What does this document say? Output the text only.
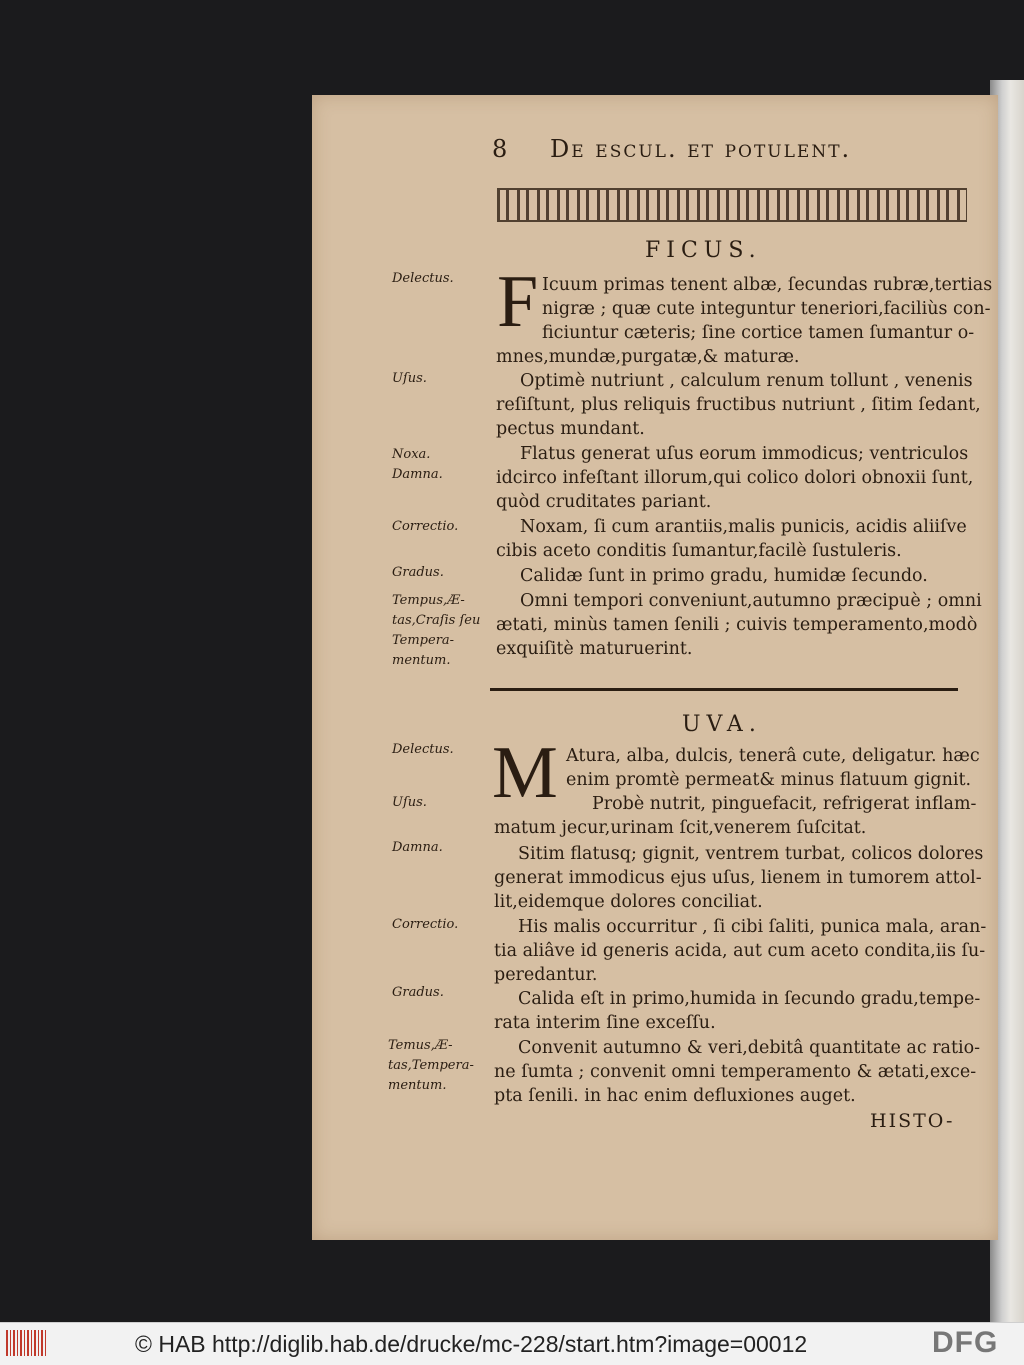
8 De escul. et potulent.
FICUS.
F Icuum primas tenent albæ, ſecundas rubræ,tertias
nigræ ; quæ cute integuntur teneriori,faciliùs con-
ficiuntur cæteris; ſine cortice tamen ſumantur o-
mnes,mundæ,purgatæ,& maturæ.
Optimè nutriunt , calculum renum tollunt , venenis
reſiſtunt, plus reliquis fructibus nutriunt , ſitim ſedant,
pectus mundant.
Flatus generat uſus eorum immodicus; ventriculos
idcirco infeſtant illorum,qui colico dolori obnoxii ſunt,
quòd cruditates pariant.
Noxam, ſi cum arantiis,malis punicis, acidis aliiſve
cibis aceto conditis ſumantur,facilè ſustuleris.
Calidæ ſunt in primo gradu, humidæ ſecundo.
Omni tempori conveniunt,autumno præcipuè ; omni
ætati, minùs tamen ſenili ; cuivis temperamento,modò
exquiſitè maturuerint.
Delectus.
Uſus.
Noxa.
Damna.
Correctio.
Gradus.
Tempus,Æ-
tas,Craſis ſeu
Tempera-
mentum.
UVA.
M Atura, alba, dulcis, tenerâ cute, deligatur. hæc
enim promtè permeat& minus flatuum gignit.
Probè nutrit, pinguefacit, refrigerat inflam-
matum jecur,urinam ſcit,venerem ſuſcitat.
Sitim flatusq; gignit, ventrem turbat, colicos dolores
generat immodicus ejus uſus, lienem in tumorem attol-
lit,eidemque dolores conciliat.
His malis occurritur , ſi cibi ſaliti, punica mala, aran-
tia aliâve id generis acida, aut cum aceto condita,iis ſu-
peredantur.
Calida eſt in primo,humida in ſecundo gradu,tempe-
rata interim ſine exceſſu.
Convenit autumno & veri,debitâ quantitate ac ratio-
ne ſumta ; convenit omni temperamento & ætati,exce-
pta ſenili. in hac enim defluxiones auget.
Delectus.
Uſus.
Damna.
Correctio.
Gradus.
Temus,Æ-
tas,Tempera-
mentum.
HISTO-
© HAB http://diglib.hab.de/drucke/mc-228/start.htm?image=00012	DFG
